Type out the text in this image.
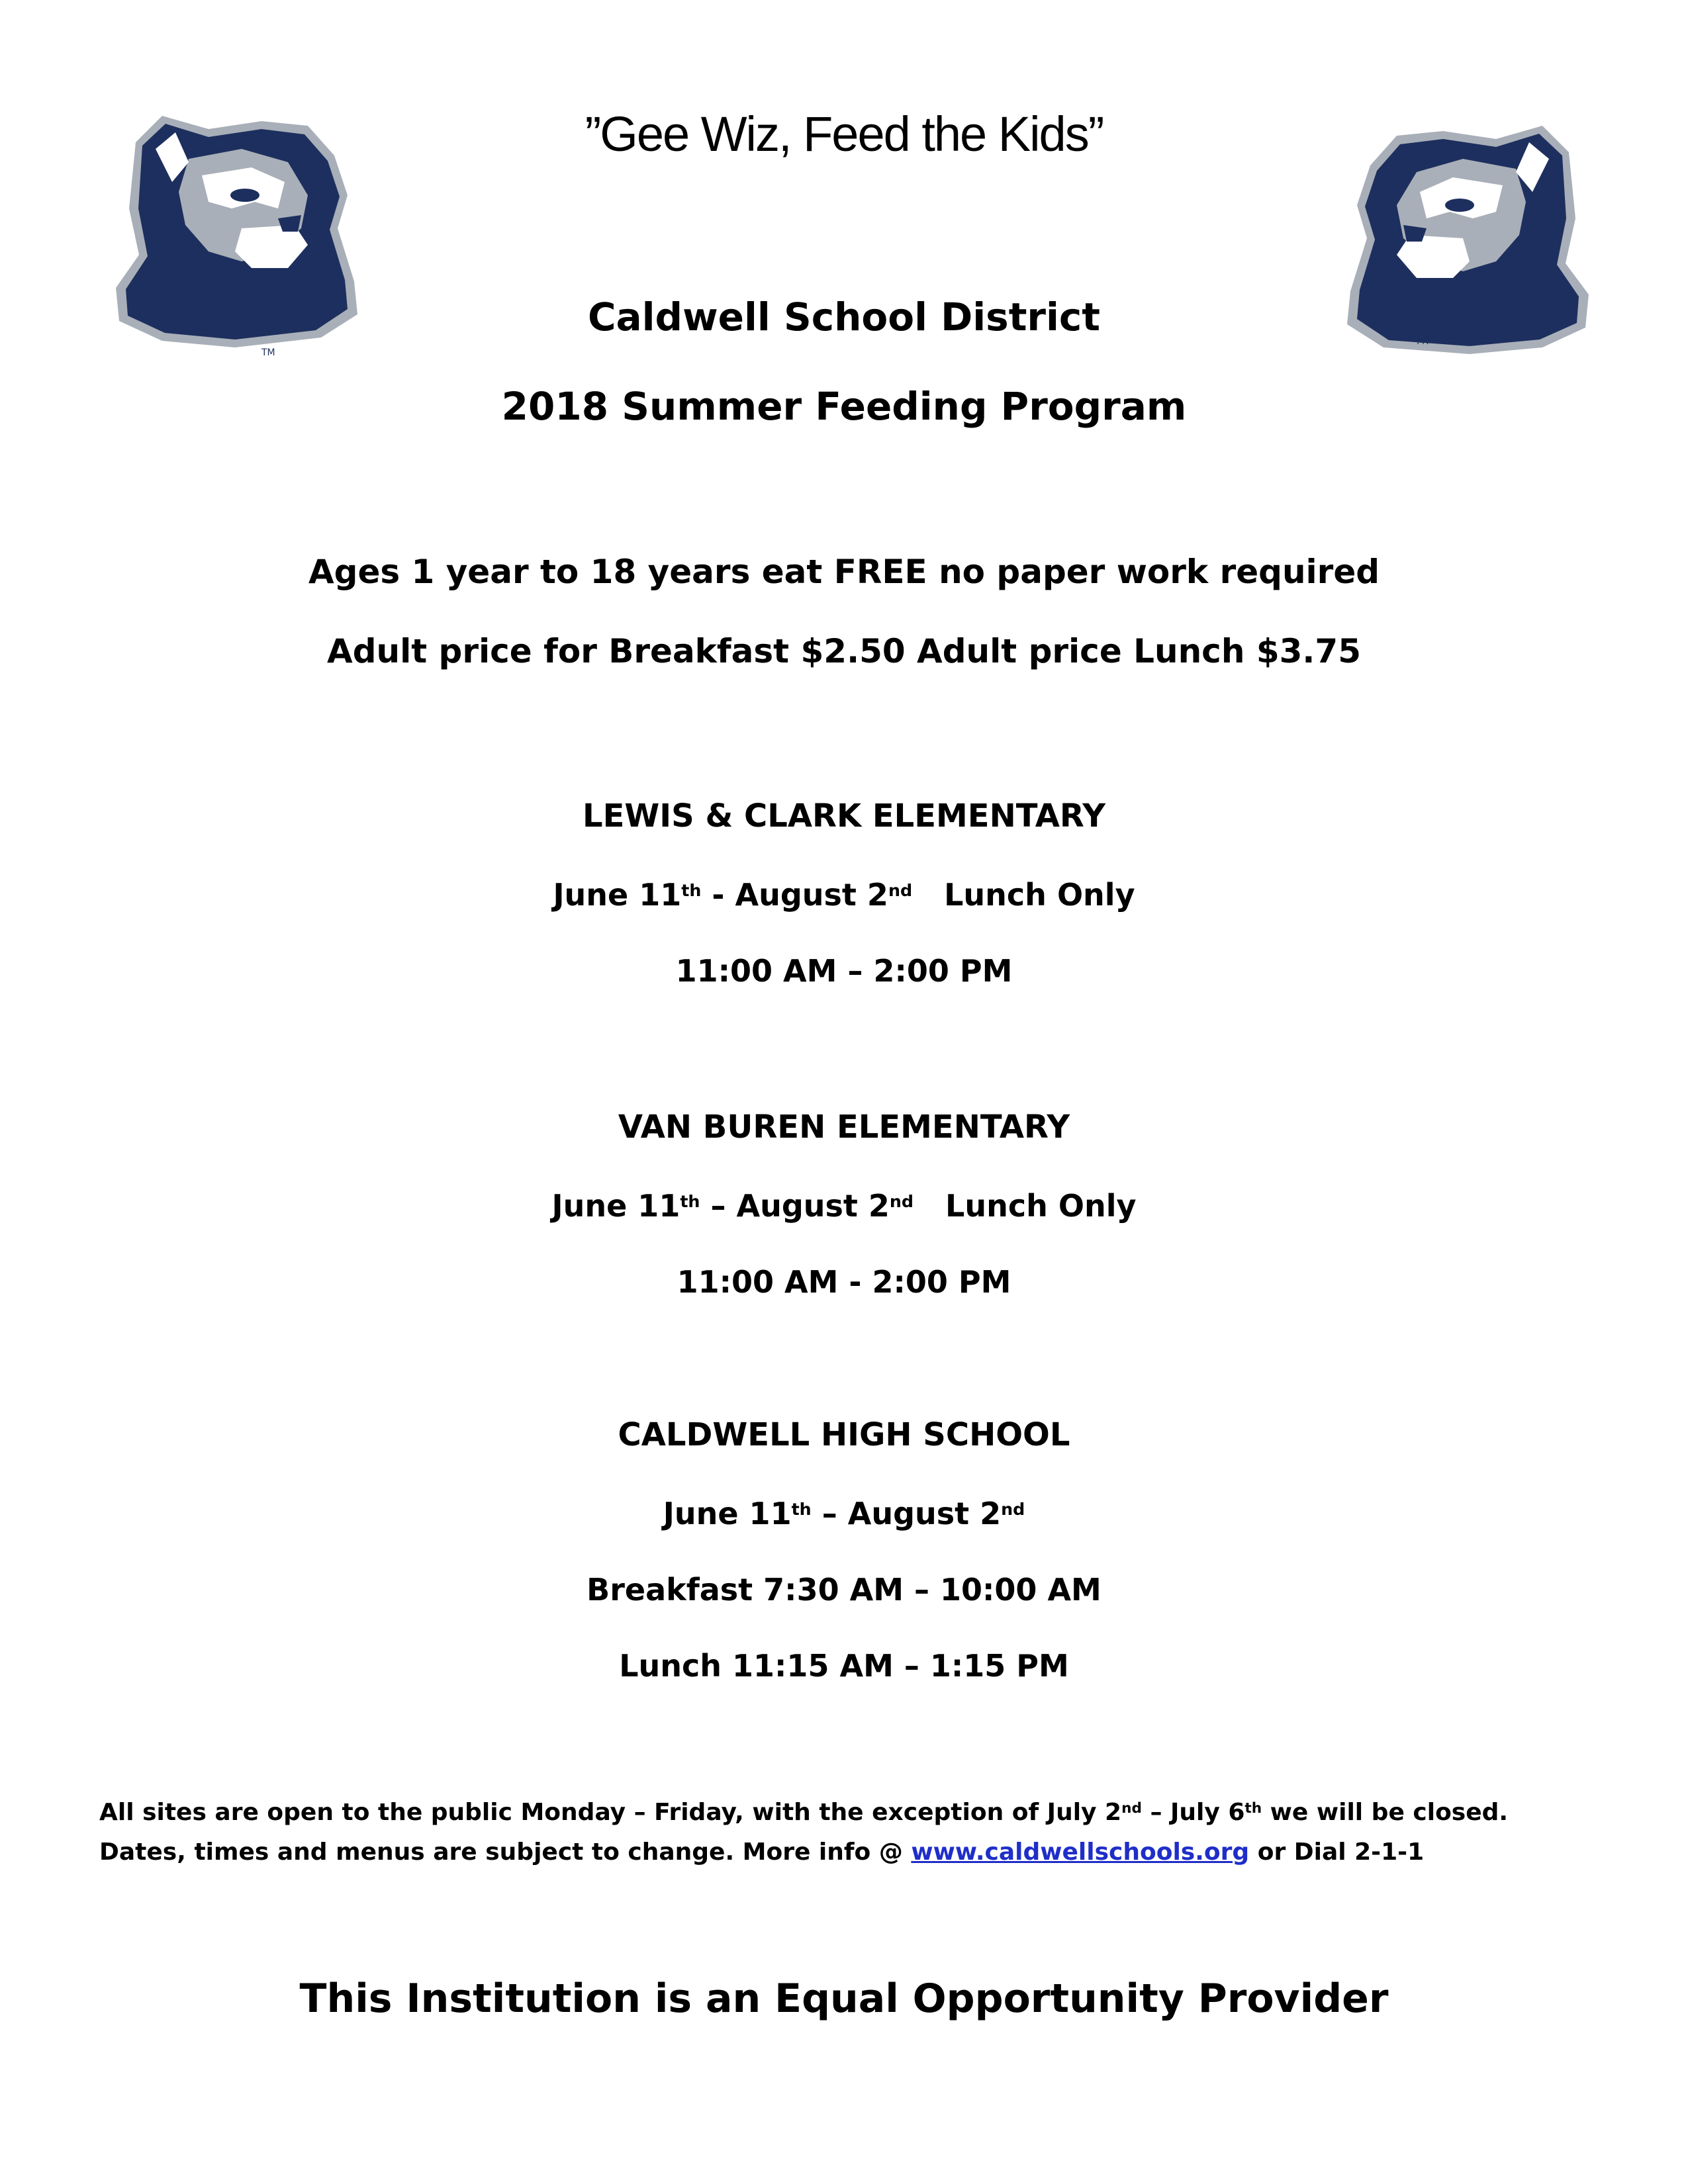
TM
MT
”Gee Wiz, Feed the Kids”
Caldwell School District
2018 Summer Feeding Program
Ages 1 year to 18 years eat FREE no paper work required
Adult price for Breakfast $2.50 Adult price Lunch $3.75
LEWIS & CLARK ELEMENTARY
June 11th - August 2nd   Lunch Only
11:00 AM – 2:00 PM
VAN BUREN ELEMENTARY
June 11th – August 2nd   Lunch Only
11:00 AM - 2:00 PM
CALDWELL HIGH SCHOOL
June 11th – August 2nd
Breakfast 7:30 AM – 10:00 AM
Lunch 11:15 AM – 1:15 PM
All sites are open to the public Monday – Friday, with the exception of July 2nd – July 6th we will be closed.
Dates, times and menus are subject to change. More info @ www.caldwellschools.org or Dial 2-1-1
This Institution is an Equal Opportunity Provider
